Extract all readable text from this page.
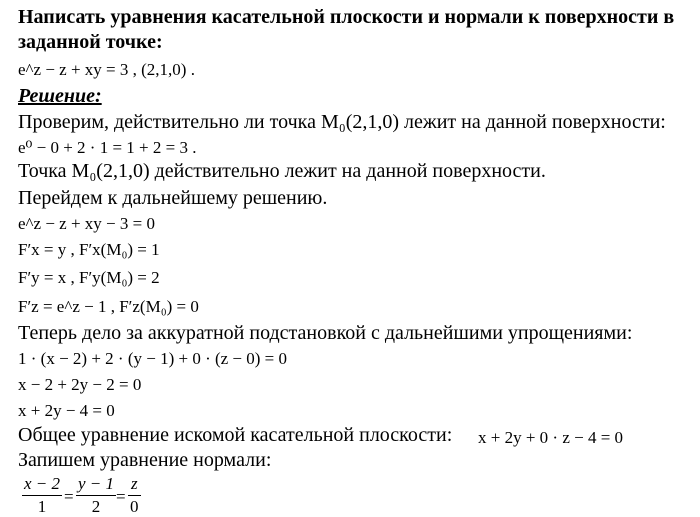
Написать уравнения касательной плоскости и нормали к поверхности в
заданной точке:
e^z − z + xy = 3 , (2,1,0) .
Решение:
Проверим, действительно ли точка M₀(2,1,0) лежит на данной поверхности:
e⁰ − 0 + 2 · 1 = 1 + 2 = 3 .
Точка M₀(2,1,0) действительно лежит на данной поверхности.
Перейдем к дальнейшему решению.
e^z − z + xy − 3 = 0
F′x = y , F′x(M₀) = 1
F′y = x , F′y(M₀) = 2
F′z = e^z − 1 , F′z(M₀) = 0
Теперь дело за аккуратной подстановкой с дальнейшими упрощениями:
1 · (x − 2) + 2 · (y − 1) + 0 · (z − 0) = 0
x − 2 + 2y − 2 = 0
x + 2y − 4 = 0
Общее уравнение искомой касательной плоскости: x + 2y + 0 · z − 4 = 0
Запишем уравнение нормали:
x − 2
1
=
y − 1
2
=
z
0
